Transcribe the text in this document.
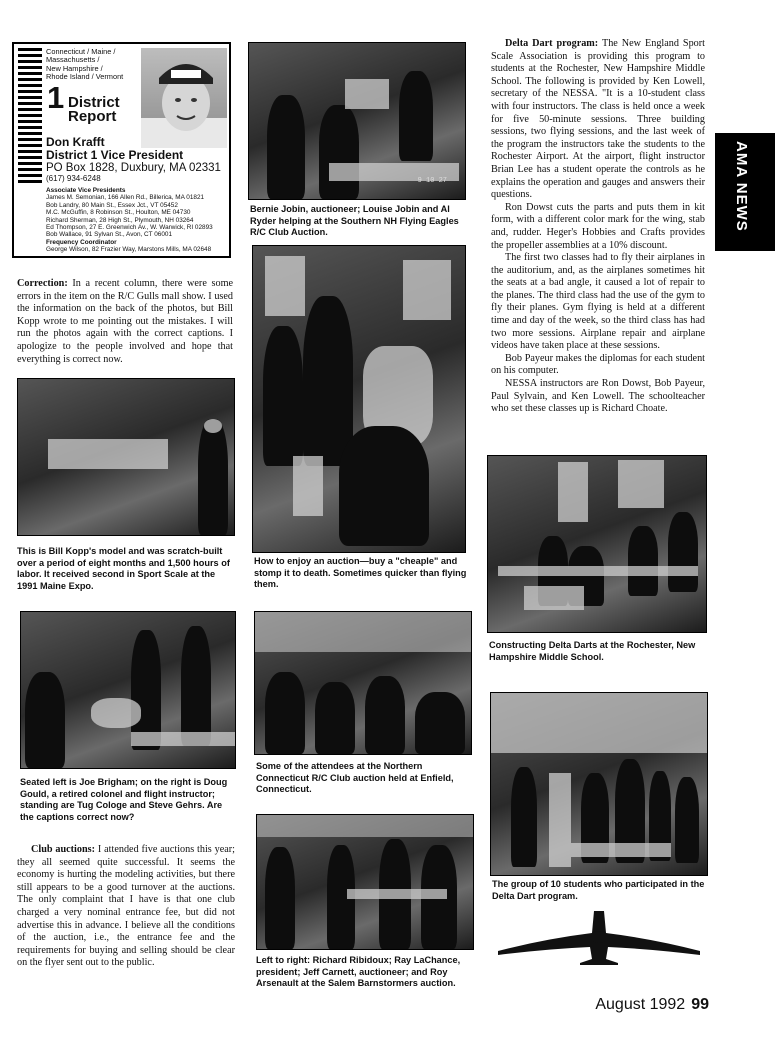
Connecticut / Maine /
Massachusetts /
New Hampshire /
Rhode Island / Vermont
1 District
Report
Don Krafft
District 1 Vice President
PO Box 1828, Duxbury, MA 02331
(617) 934-6248
Associate Vice Presidents
James M. Semonian, 166 Allen Rd., Billerica, MA 01821
Bob Landry, 80 Main St., Essex Jct., VT 05452
M.C. McGuffin, 8 Robinson St., Houlton, ME 04730
Richard Sherman, 28 High St., Plymouth, NH 03264
Ed Thompson, 27 E. Greenwich Av., W. Warwick, RI 02893
Bob Wallace, 91 Sylvan St., Avon, CT 06001
Frequency Coordinator
George Wilson, 82 Frazier Way, Marstons Mills, MA 02648
AMA NEWS

Correction: In a recent column, there were some errors in the item on the R/C Gulls mall show. I used the information on the back of the photos, but Bill Kopp wrote to me pointing out the mistakes. I will run the photos again with the correct captions. I apologize to the people involved and hope that everything is correct now.

This is Bill Kopp's model and was scratch-built over a period of eight months and 1,500 hours of labor. It received second in Sport Scale at the 1991 Maine Expo.
Seated left is Joe Brigham; on the right is Doug Gould, a retired colonel and flight instructor; standing are Tug Cologe and Steve Gehrs. Are the captions correct now?

Club auctions: I attended five auctions this year; they all seemed quite successful. It seems the economy is hurting the modeling activities, but there still appears to be a good turnover at the auctions. The only complaint that I have is that one club charged a very nominal entrance fee, but did not advertise this in advance. I believe all the conditions of the auction, i.e., the entrance fee and the requirements for buying and selling should be clear on the flyer sent out to the public.

9 10 27
Bernie Jobin, auctioneer; Louise Jobin and Al Ryder helping at the Southern NH Flying Eagles R/C Club Auction.
How to enjoy an auction—buy a "cheaple" and stomp it to death. Sometimes quicker than flying them.
Some of the attendees at the Northern Connecticut R/C Club auction held at Enfield, Connecticut.
Left to right: Richard Ribidoux; Ray LaChance, president; Jeff Carnett, auctioneer; and Roy Arsenault at the Salem Barnstormers auction.

Delta Dart program: The New England Sport Scale Association is providing this program to students at the Rochester, New Hampshire Middle School. The following is provided by Ken Lowell, secretary of the NESSA. "It is a 10-student class with four instructors. The class is held once a week for five 50-minute sessions. Three building sessions, two flying sessions, and the last week of the program the instructors take the students to the Rochester Airport. At the airport, flight instructor Brian Lee has a student operate the controls as he explains the operation and gauges and answers their questions.

Ron Dowst cuts the parts and puts them in kit form, with a different color mark for the wing, stab and, rudder. Heger's Hobbies and Crafts provides the propeller assemblies at a 10% discount.

The first two classes had to fly their airplanes in the auditorium, and, as the airplanes sometimes hit the seats at a bad angle, it caused a lot of repair to the planes. The third class had the use of the gym to fly their planes. Gym flying is held at a different time and day of the week, so the third class has had two more sessions. Airplane repair and airplane videos have taken place at these sessions.

Bob Payeur makes the diplomas for each student on his computer.

NESSA instructors are Ron Dowst, Bob Payeur, Paul Sylvain, and Ken Lowell. The schoolteacher who set these classes up is Richard Choate.

Constructing Delta Darts at the Rochester, New Hampshire Middle School.
The group of 10 students who participated in the Delta Dart program.
August 1992 99
